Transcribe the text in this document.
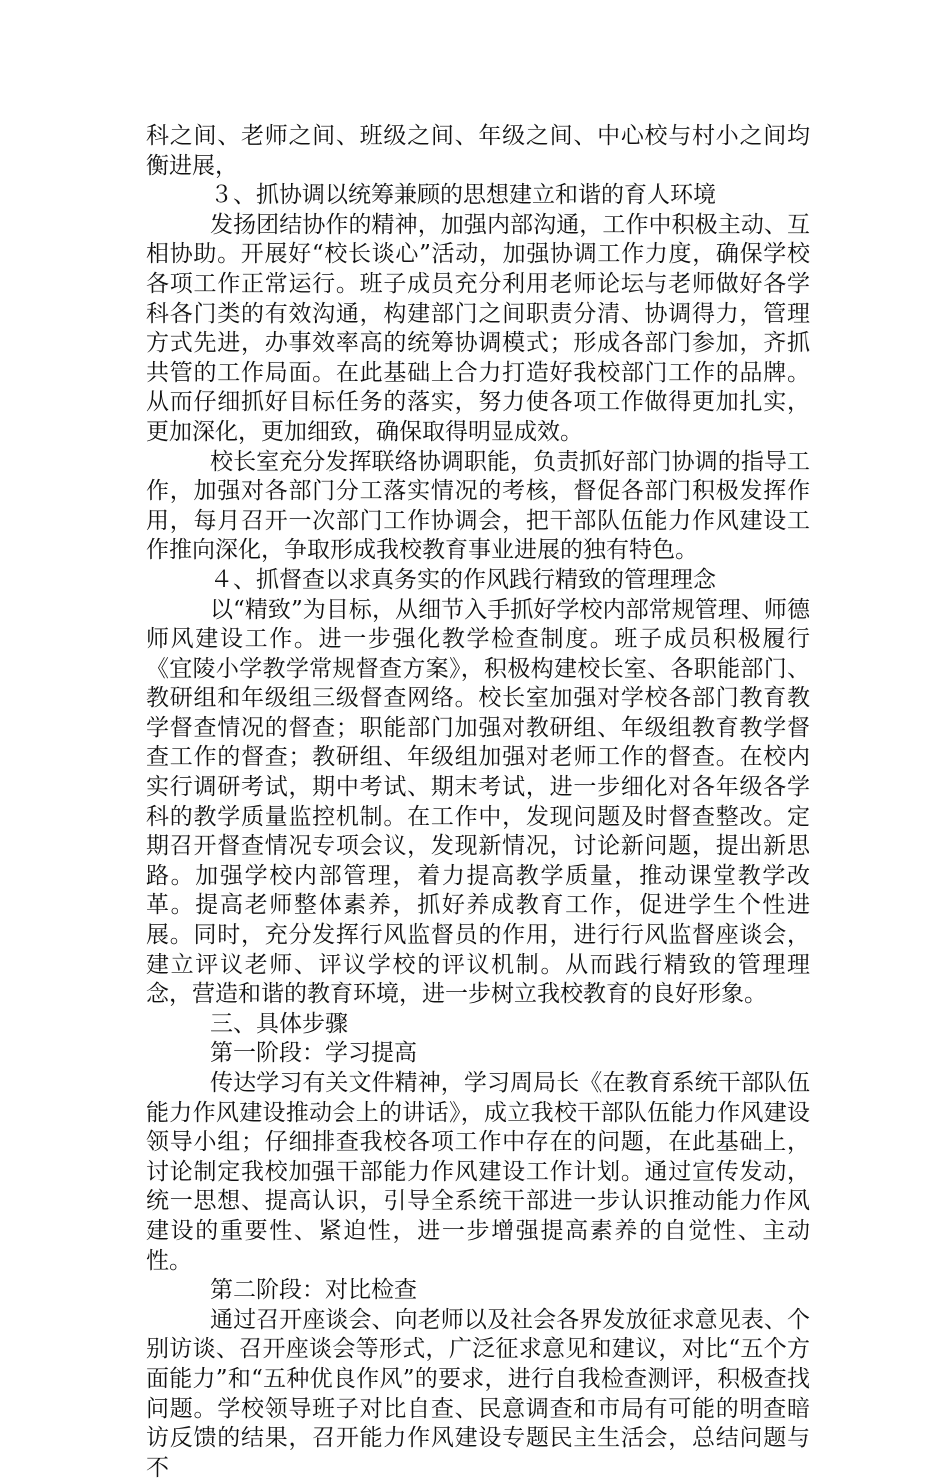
科之间、老师之间、班级之间、年级之间、中心校与村小之间均衡进展，

３、抓协调以统筹兼顾的思想建立和谐的育人环境

发扬团结协作的精神，加强内部沟通，工作中积极主动、互相协助。开展好“校长谈心”活动，加强协调工作力度，确保学校各项工作正常运行。班子成员充分利用老师论坛与老师做好各学科各门类的有效沟通，构建部门之间职责分清、协调得力，管理方式先进，办事效率高的统筹协调模式；形成各部门参加，齐抓共管的工作局面。在此基础上合力打造好我校部门工作的品牌。从而仔细抓好目标任务的落实，努力使各项工作做得更加扎实，更加深化，更加细致，确保取得明显成效。

校长室充分发挥联络协调职能，负责抓好部门协调的指导工作，加强对各部门分工落实情况的考核，督促各部门积极发挥作用，每月召开一次部门工作协调会，把干部队伍能力作风建设工作推向深化，争取形成我校教育事业进展的独有特色。

４、抓督查以求真务实的作风践行精致的管理理念

以“精致”为目标，从细节入手抓好学校内部常规管理、师德师风建设工作。进一步强化教学检查制度。班子成员积极履行《宜陵小学教学常规督查方案》，积极构建校长室、各职能部门、教研组和年级组三级督查网络。校长室加强对学校各部门教育教学督查情况的督查；职能部门加强对教研组、年级组教育教学督查工作的督查；教研组、年级组加强对老师工作的督查。在校内实行调研考试，期中考试、期末考试，进一步细化对各年级各学科的教学质量监控机制。在工作中，发现问题及时督查整改。定期召开督查情况专项会议，发现新情况，讨论新问题，提出新思路。加强学校内部管理，着力提高教学质量，推动课堂教学改革。提高老师整体素养，抓好养成教育工作，促进学生个性进展。同时，充分发挥行风监督员的作用，进行行风监督座谈会，建立评议老师、评议学校的评议机制。从而践行精致的管理理念，营造和谐的教育环境，进一步树立我校教育的良好形象。

三、具体步骤

第一阶段：学习提高

传达学习有关文件精神，学习周局长《在教育系统干部队伍能力作风建设推动会上的讲话》，成立我校干部队伍能力作风建设领导小组；仔细排查我校各项工作中存在的问题，在此基础上，讨论制定我校加强干部能力作风建设工作计划。通过宣传发动，统一思想、提高认识，引导全系统干部进一步认识推动能力作风建设的重要性、紧迫性，进一步增强提高素养的自觉性、主动性。

第二阶段：对比检查

通过召开座谈会、向老师以及社会各界发放征求意见表、个别访谈、召开座谈会等形式，广泛征求意见和建议，对比“五个方面能力”和“五种优良作风”的要求，进行自我检查测评，积极查找问题。学校领导班子对比自查、民意调查和市局有可能的明查暗访反馈的结果，召开能力作风建设专题民主生活会，总结问题与不
